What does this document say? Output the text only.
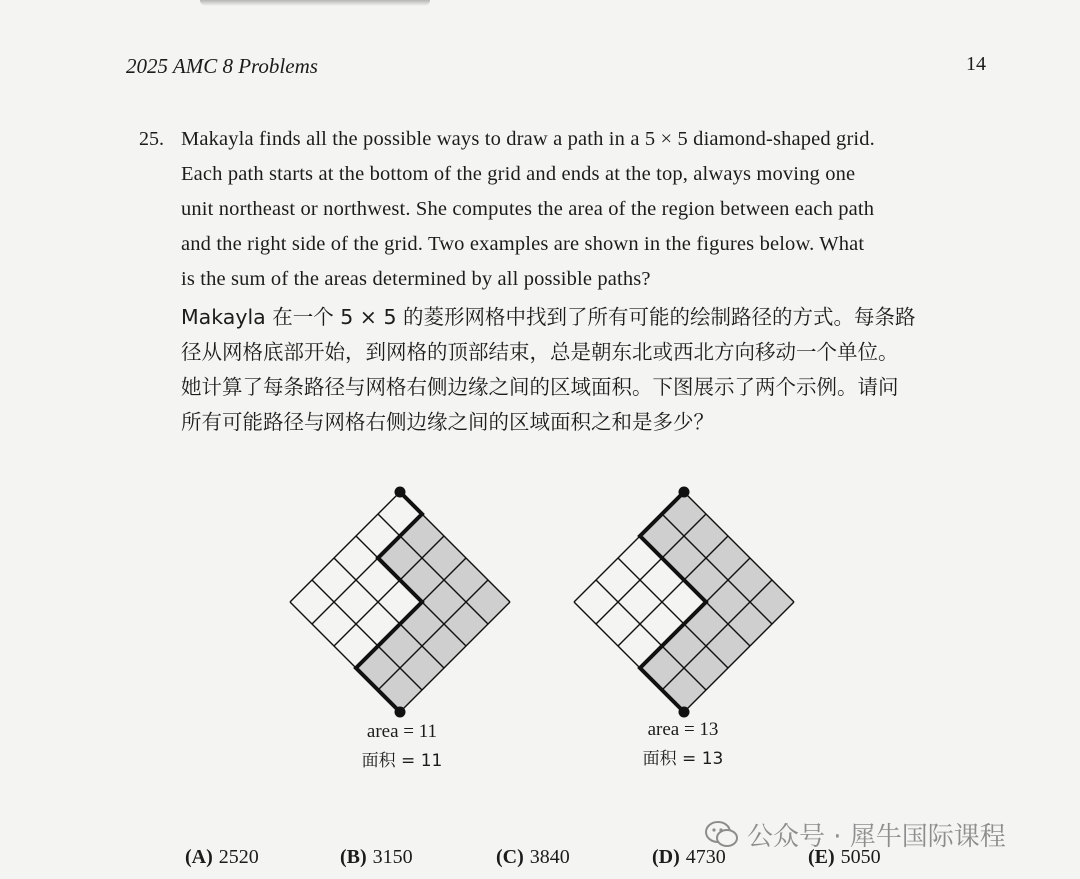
2025 AMC 8 Problems	14
25. Makayla finds all the possible ways to draw a path in a 5 × 5 diamond-shaped grid.
Each path starts at the bottom of the grid and ends at the top, always moving one
unit northeast or northwest. She computes the area of the region between each path
and the right side of the grid. Two examples are shown in the figures below. What
is the sum of the areas determined by all possible paths?
Makayla 在一个 5 × 5 的菱形网格中找到了所有可能的绘制路径的方式。每条路
径从网格底部开始，到网格的顶部结束，总是朝东北或西北方向移动一个单位。
她计算了每条路径与网格右侧边缘之间的区域面积。下图展示了两个示例。请问
所有可能路径与网格右侧边缘之间的区域面积之和是多少？
area = 11
面积 = 11
area = 13
面积 = 13
公众号 · 犀牛国际课程
(A) 2520	(B) 3150	(C) 3840	(D) 4730	(E) 5050
